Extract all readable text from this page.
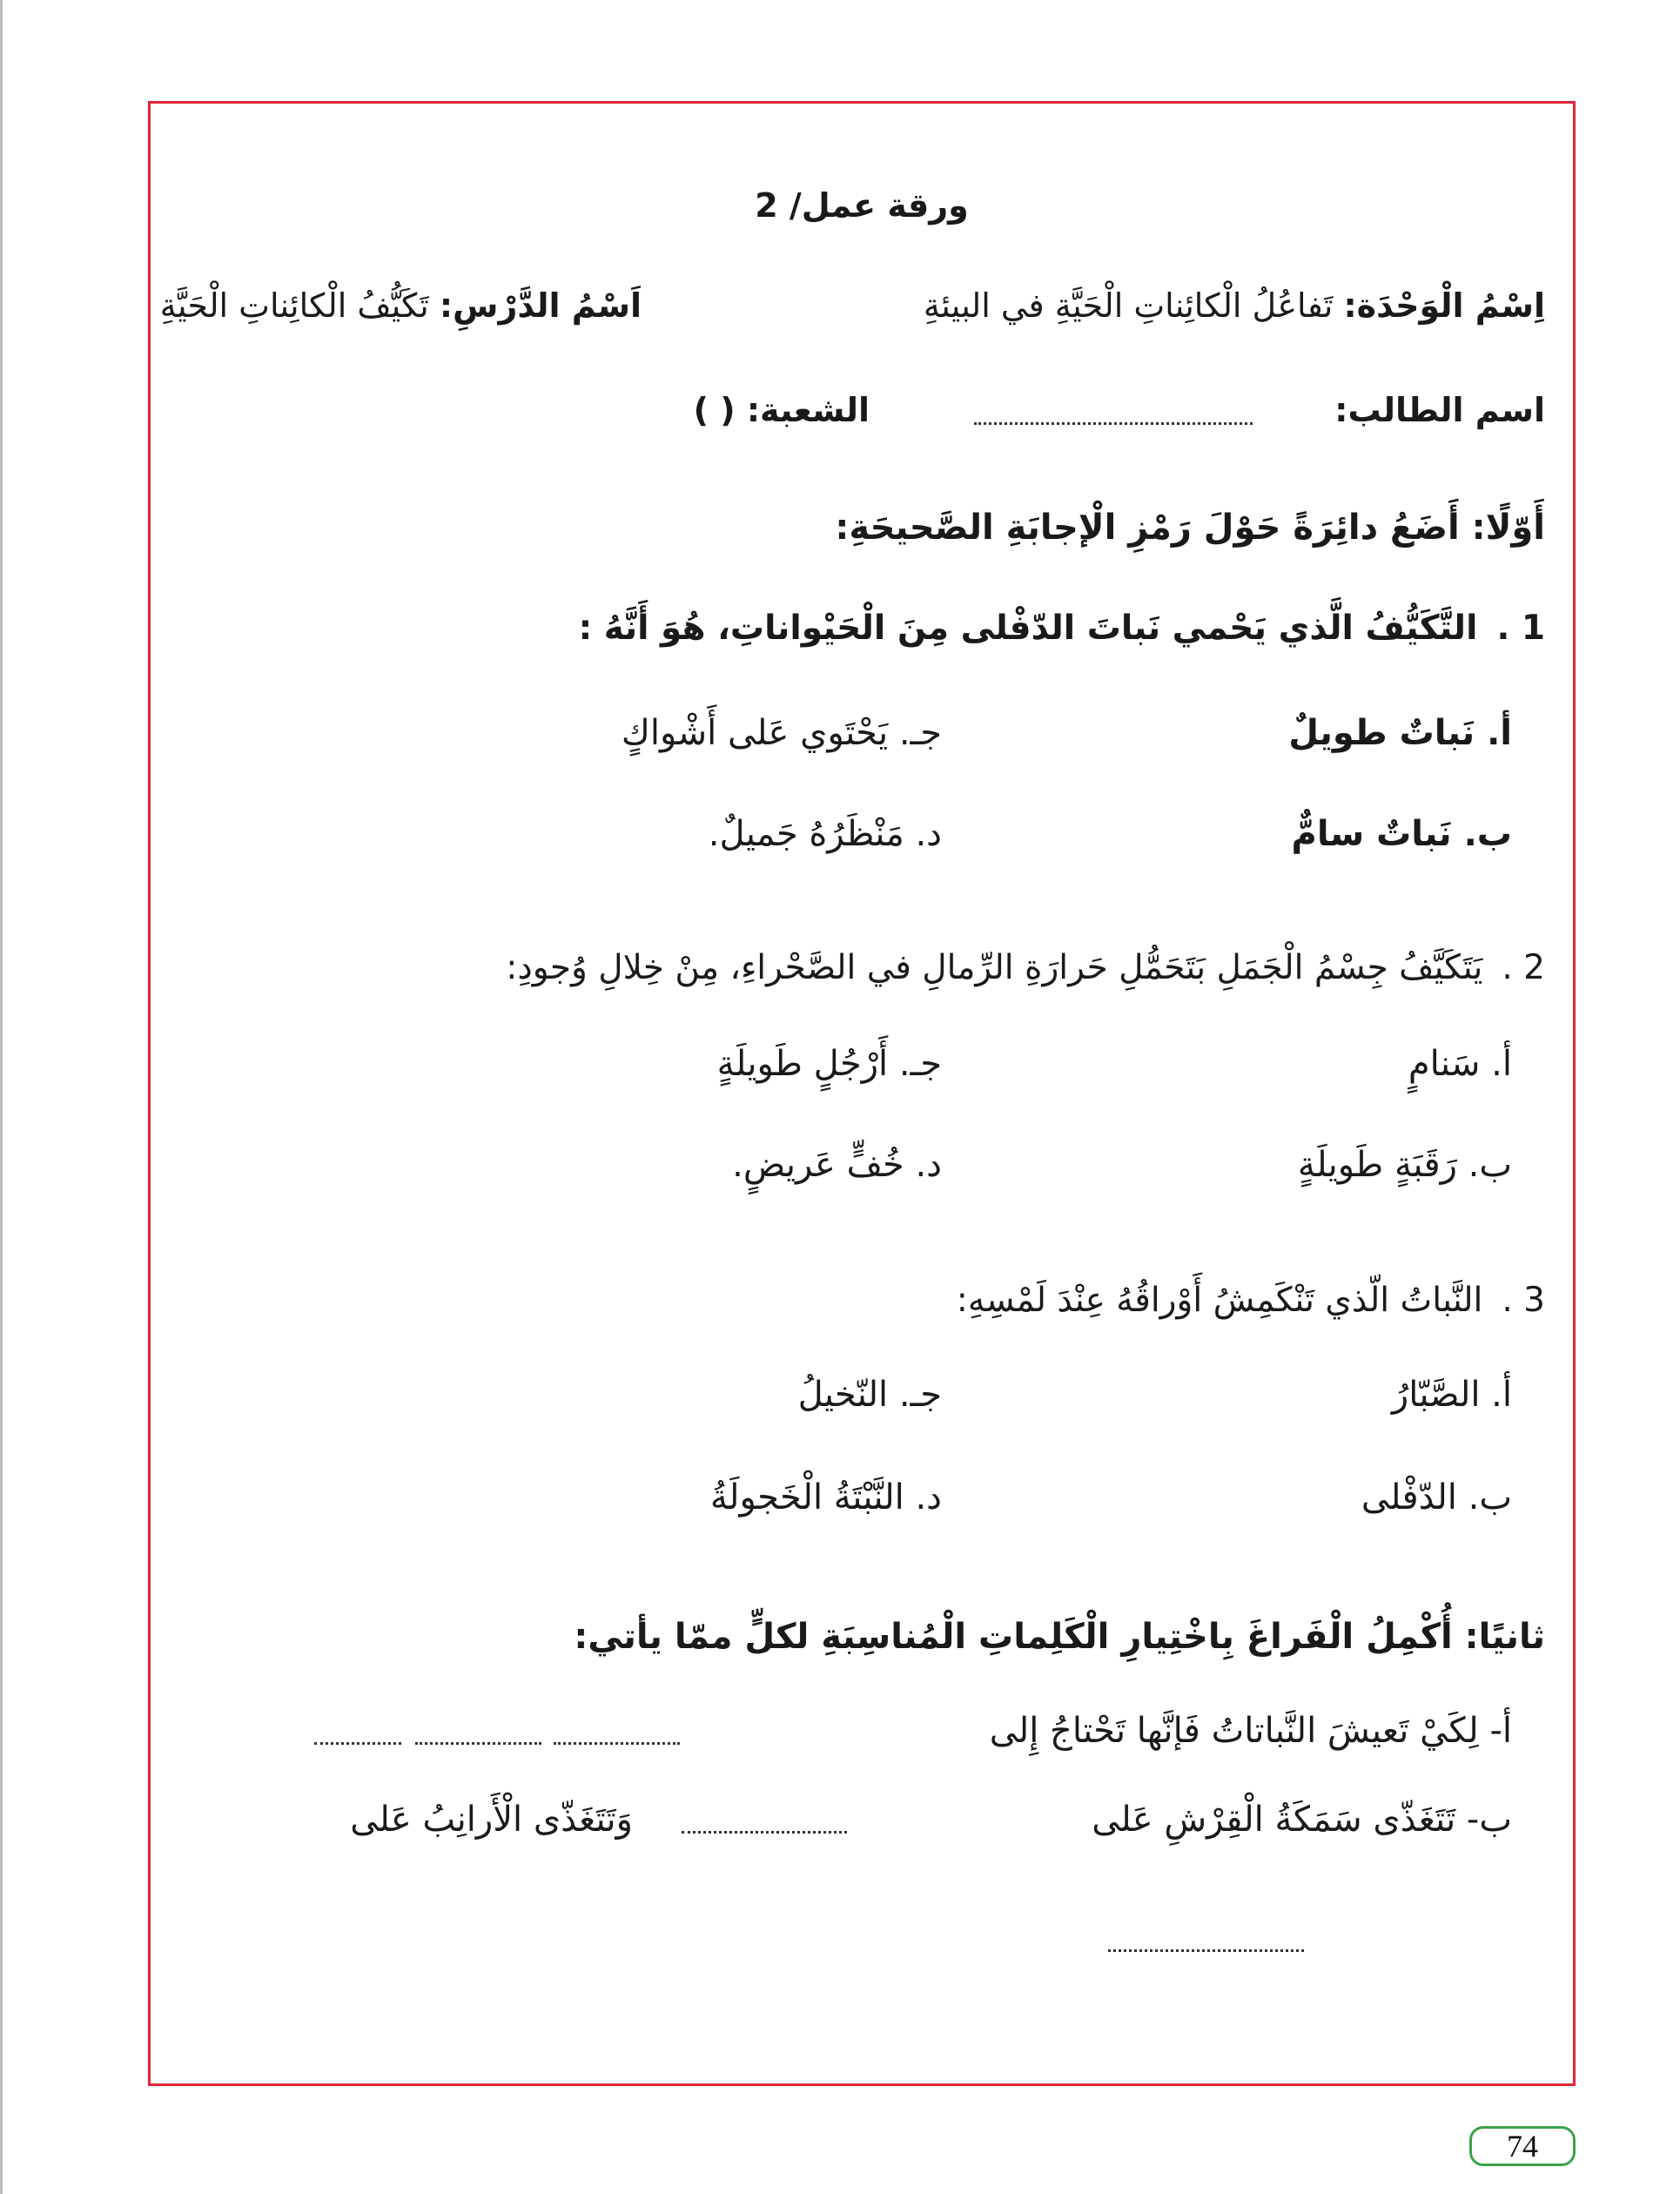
ورقة عمل/ 2
اِسْمُ الْوَحْدَة: تَفاعُلُ الْكائِناتِ الْحَيَّةِ في البيئةِ
اَسْمُ الدَّرْسِ: تَكَيُّفُ الْكائِناتِ الْحَيَّةِ
اسم الطالب:
الشعبة: ( )
أَوّلًا: أَضَعُ دائِرَةً حَوْلَ رَمْزِ الْإجابَةِ الصَّحيحَةِ:
1 .التَّكَيُّفُ الَّذي يَحْمي نَباتَ الدّفْلى مِنَ الْحَيْواناتِ، هُوَ أَنَّهُ :
أ. نَباتٌ طويلٌ
جـ. يَحْتَوي عَلى أَشْواكٍ
ب. نَباتٌ سامٌّ
د. مَنْظَرُهُ جَميلٌ.
2 .يَتَكَيَّفُ جِسْمُ الْجَمَلِ بَتَحَمُّلِ حَرارَةِ الرِّمالِ في الصَّحْراءِ، مِنْ خِلالِ وُجودِ:
أ. سَنامٍ
جـ. أَرْجُلٍ طَويلَةٍ
ب. رَقَبَةٍ طَويلَةٍ
د. خُفٍّ عَريضٍ.
3 .النَّباتُ الّذي تَنْكَمِشُ أَوْراقُهُ عِنْدَ لَمْسِهِ:
أ. الصَّبّارُ
جـ. النّخيلُ
ب. الدّفْلى
د. النَّبْتَةُ الْخَجولَةُ
ثانيًا: أُكْمِلُ الْفَراغَ بِاخْتِيارِ الْكَلِماتِ الْمُناسِبَةِ لكلٍّ ممّا يأتي:
أ- لِكَيْ تَعيشَ النَّباتاتُ فَإنَّها تَحْتاجُ إِلى
ب- تَتَغَذّى سَمَكَةُ الْقِرْشِ عَلى
وَتَتَغَذّى الْأَرانِبُ عَلى
74
